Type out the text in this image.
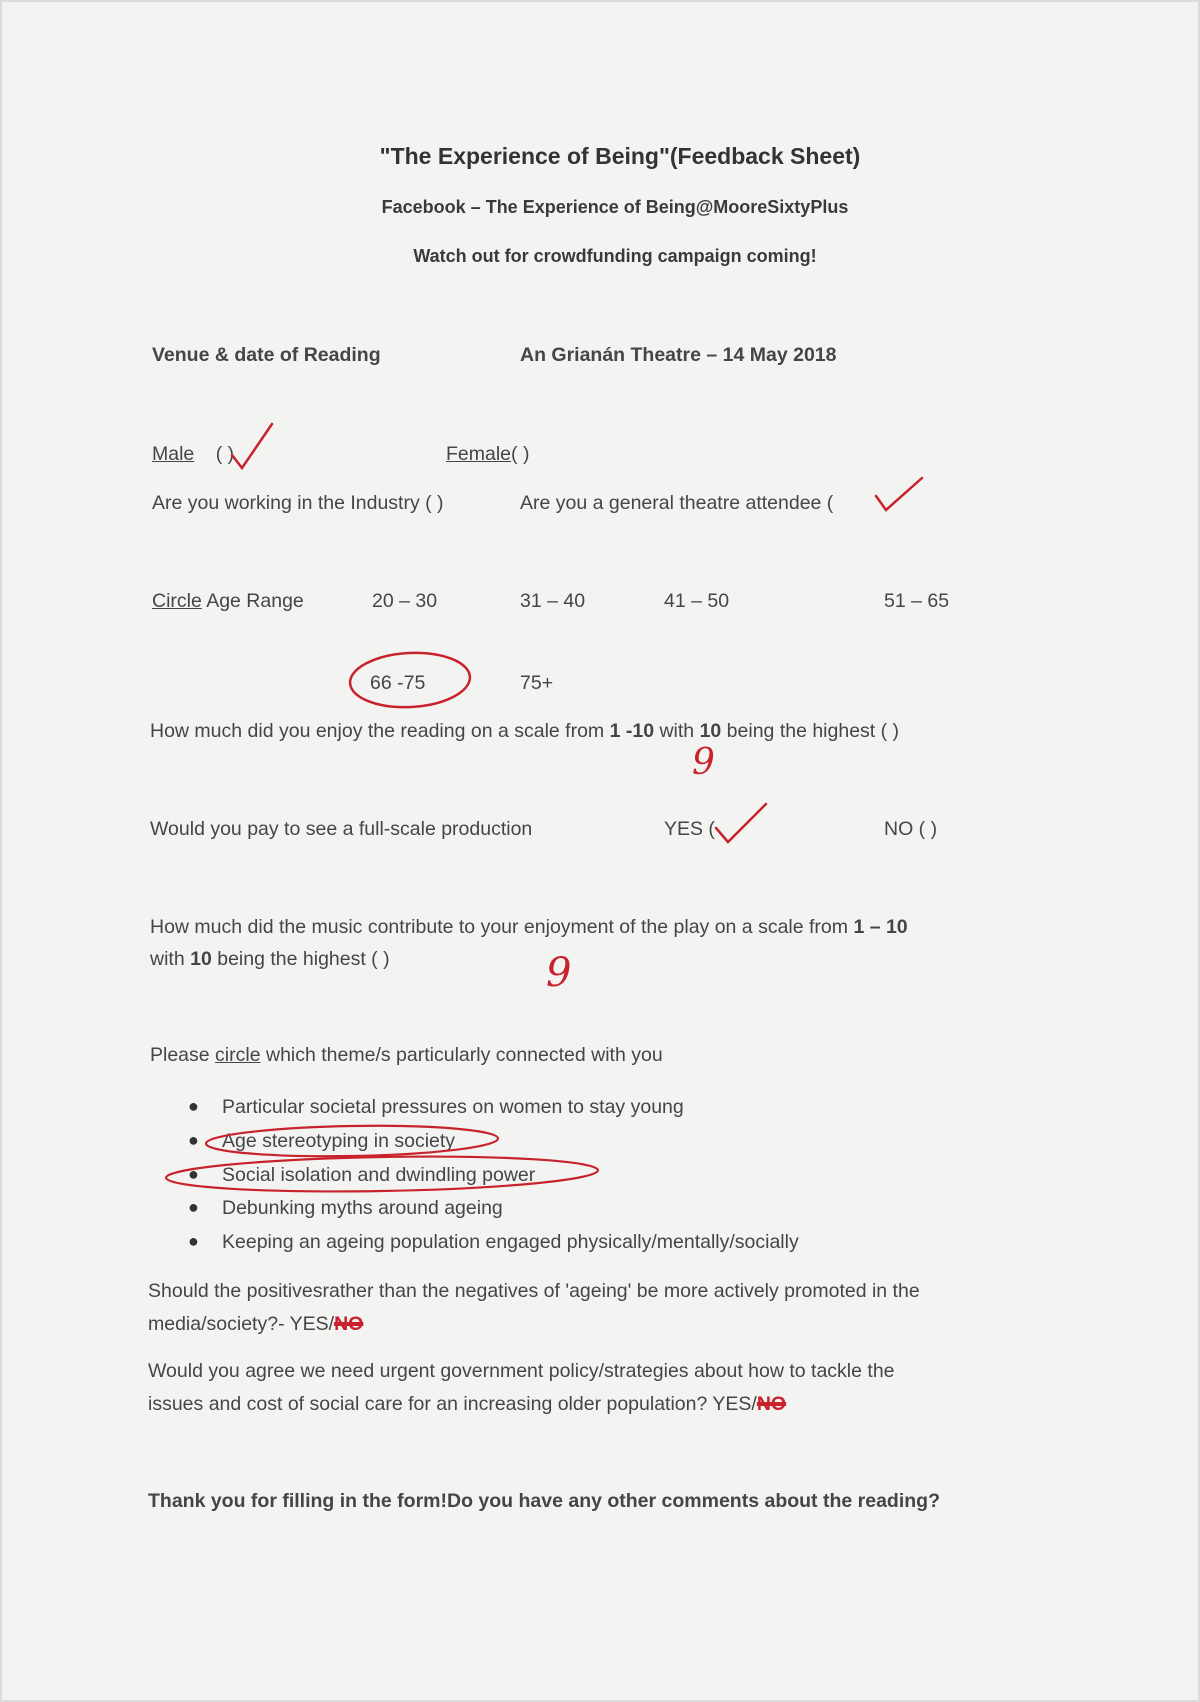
"The Experience of Being"(Feedback Sheet)
Facebook – The Experience of Being@MooreSixtyPlus
Watch out for crowdfunding campaign coming!
Venue & date of Reading	An Grianán Theatre – 14 May 2018
Male ( )	Female( )
Are you working in the Industry ( )	Are you a general theatre attendee (
Circle Age Range	20 – 30	31 – 40	41 – 50	51 – 65
66 -75	75+
How much did you enjoy the reading on a scale from 1 -10 with 10 being the highest ( )
9
Would you pay to see a full-scale production	YES (	NO ( )
How much did the music contribute to your enjoyment of the play on a scale from 1 – 10
with 10 being the highest ( )	9
Please circle which theme/s particularly connected with you
● Particular societal pressures on women to stay young
● Age stereotyping in society
● Social isolation and dwindling power
● Debunking myths around ageing
● Keeping an ageing population engaged physically/mentally/socially
Should the positivesrather than the negatives of 'ageing' be more actively promoted in the
media/society?- YES/NO
Would you agree we need urgent government policy/strategies about how to tackle the
issues and cost of social care for an increasing older population? YES/NO
Thank you for filling in the form!Do you have any other comments about the reading?
